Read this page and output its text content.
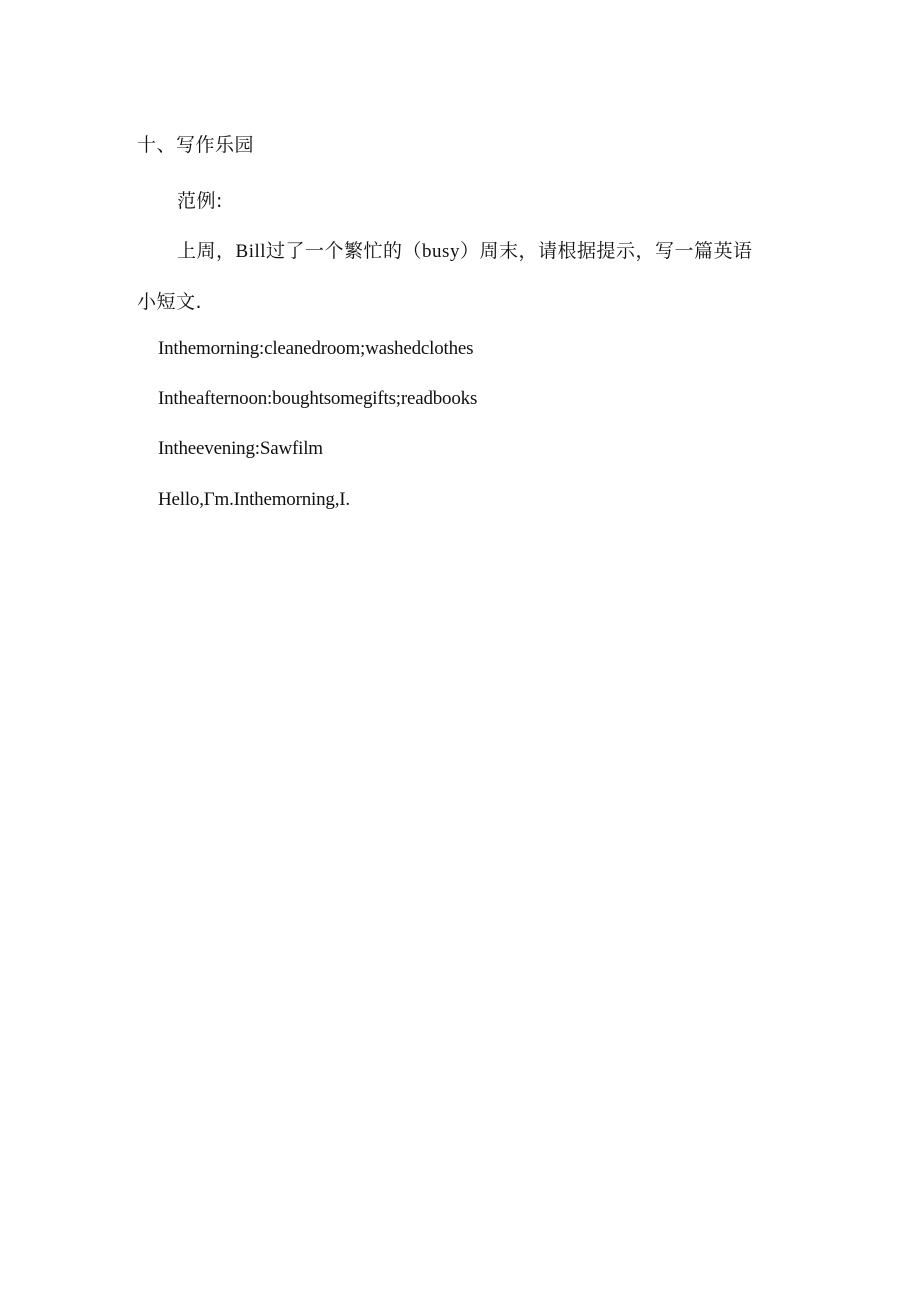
十、写作乐园

范例:

上周，Bill过了一个繁忙的（busy）周末，请根据提示，写一篇英语

小短文.

Inthemorning:cleanedroom;washedclothes

Intheafternoon:boughtsomegifts;readbooks

Intheevening:Sawfilm

Hello,Γm.Inthemorning,I.
